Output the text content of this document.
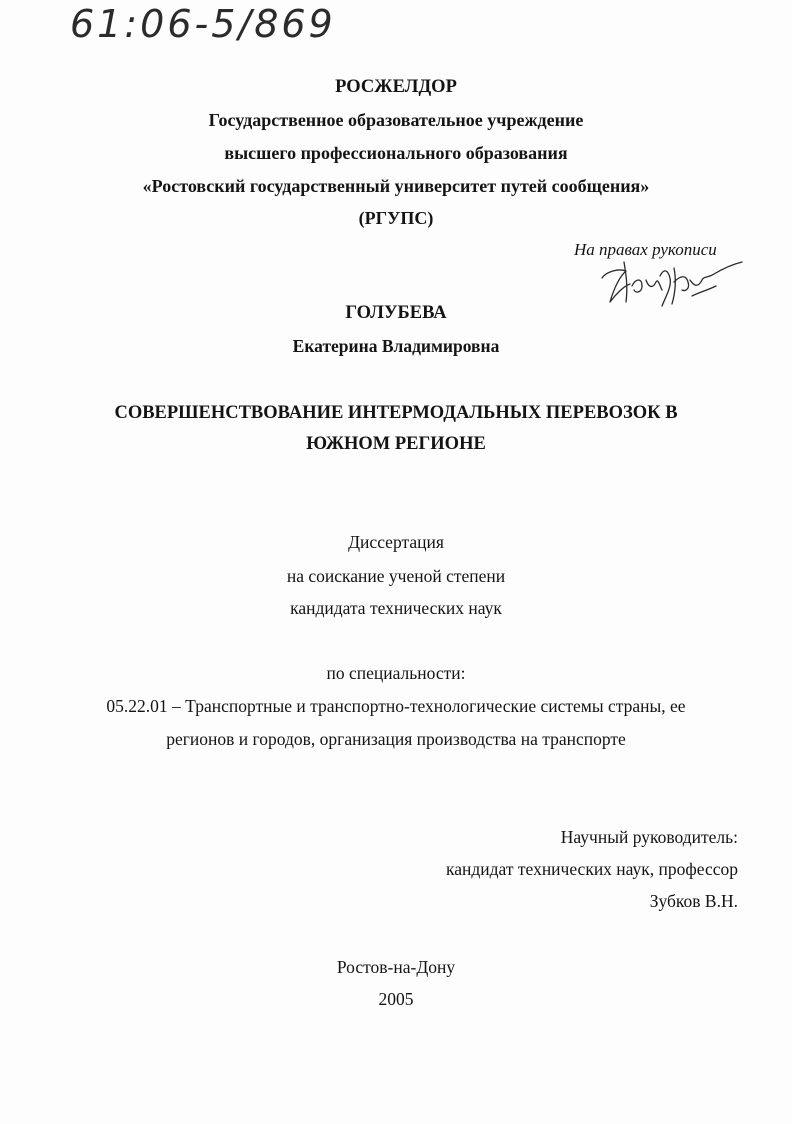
61:06-5/869
РОСЖЕЛДОР
Государственное образовательное учреждение
высшего профессионального образования
«Ростовский государственный университет путей сообщения»
(РГУПС)
На правах рукописи
ГОЛУБЕВА
Екатерина Владимировна
СОВЕРШЕНСТВОВАНИЕ ИНТЕРМОДАЛЬНЫХ ПЕРЕВОЗОК В
ЮЖНОМ РЕГИОНЕ
Диссертация
на соискание ученой степени
кандидата технических наук
по специальности:
05.22.01 – Транспортные и транспортно-технологические системы страны, ее
регионов и городов, организация производства на транспорте
Научный руководитель:
кандидат технических наук, профессор
Зубков В.Н.
Ростов-на-Дону
2005
